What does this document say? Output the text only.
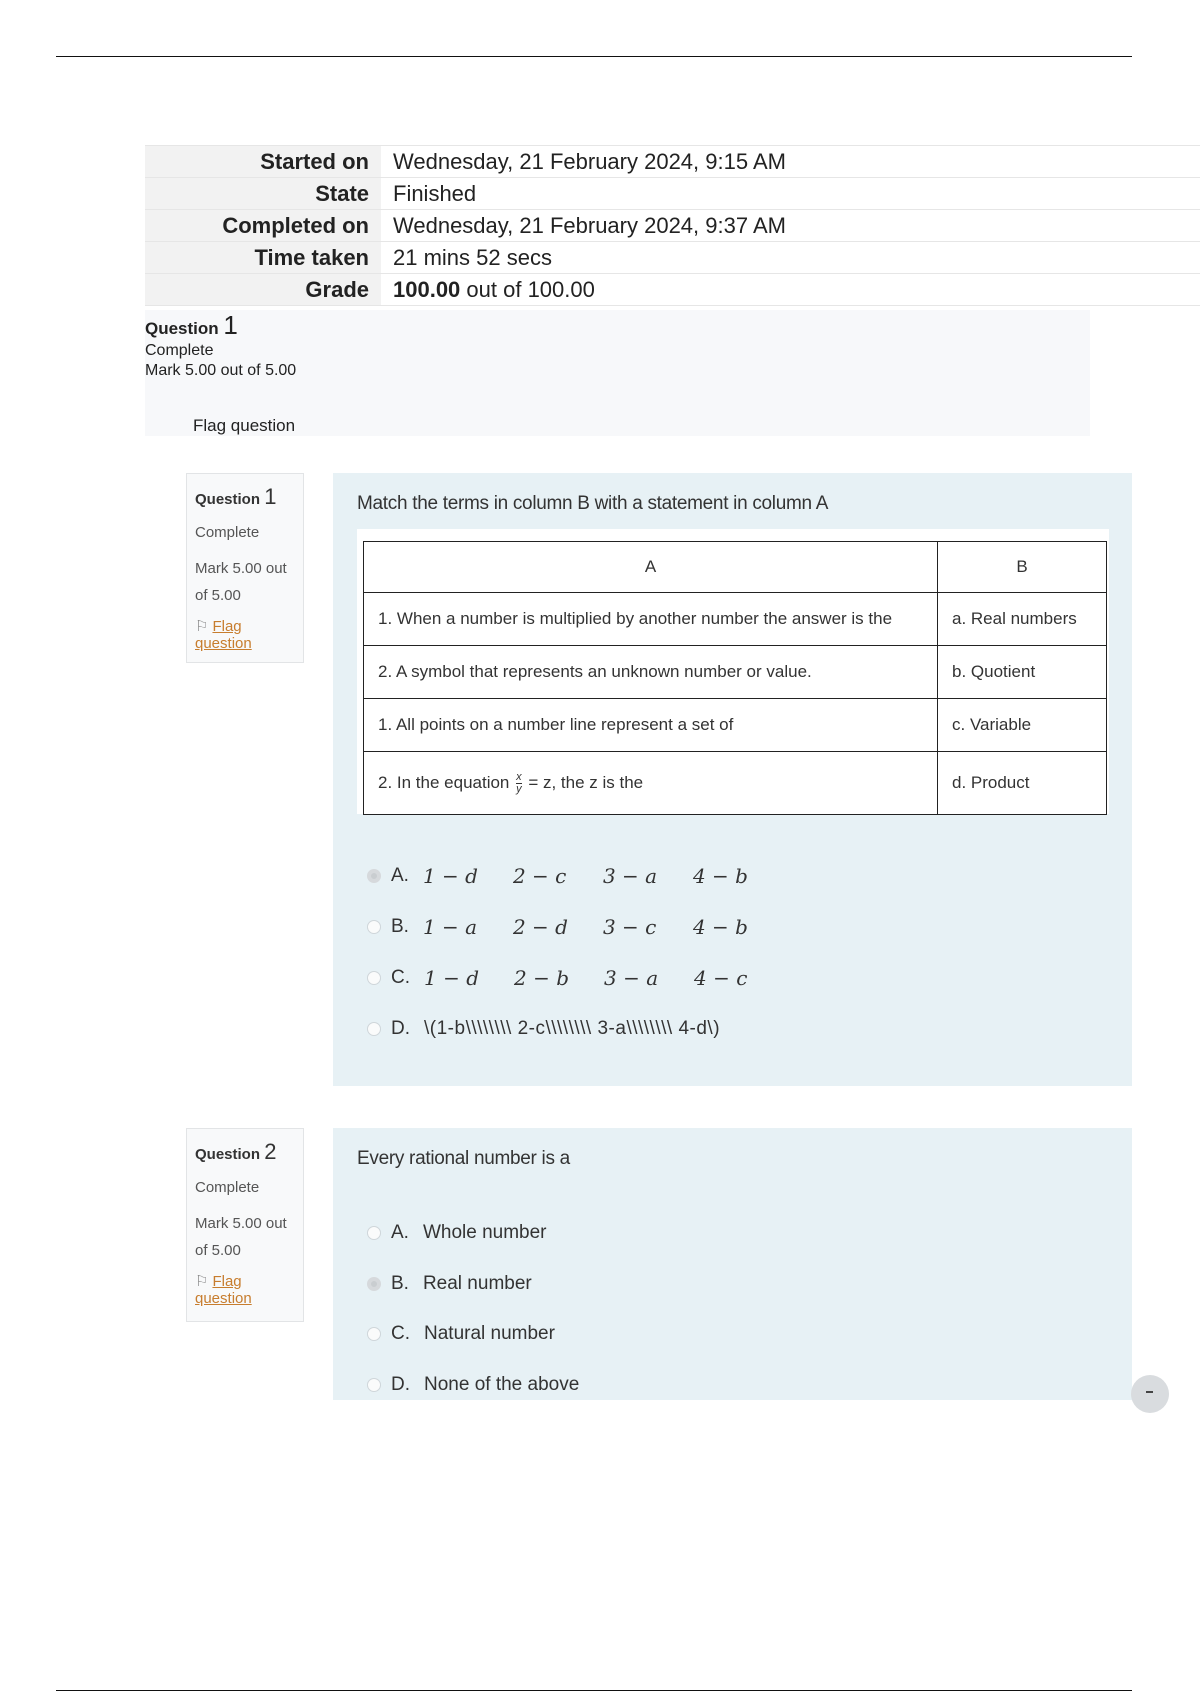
Started on	Wednesday, 21 February 2024, 9:15 AM
State	Finished
Completed on	Wednesday, 21 February 2024, 9:37 AM
Time taken	21 mins 52 secs
Grade	100.00 out of 100.00
Question 1
Complete
Mark 5.00 out of 5.00
Flag question
Question 1
Complete
Mark 5.00 out of 5.00
⚐ Flag question
Match the terms in column B with a statement in column A
A	B
1. When a number is multiplied by another number the answer is the	a. Real numbers
2. A symbol that represents an unknown number or value.	b. Quotient
1. All points on a number line represent a set of	c. Variable
2. In the equation $\frac{x}{y} = z$, the z is the	d. Product
A. 1 − d 2 − c 3 − a 4 − b
B. 1 − a 2 − d 3 − c 4 − b
C. 1 − d 2 − b 3 − a 4 − c
D. \(1-b\\\\\\\\ 2-c\\\\\\\\ 3-a\\\\\\\\ 4-d\)
Question 2
Complete
Mark 5.00 out of 5.00
⚐ Flag question
Every rational number is a
A. Whole number
B. Real number
C. Natural number
D. None of the above
